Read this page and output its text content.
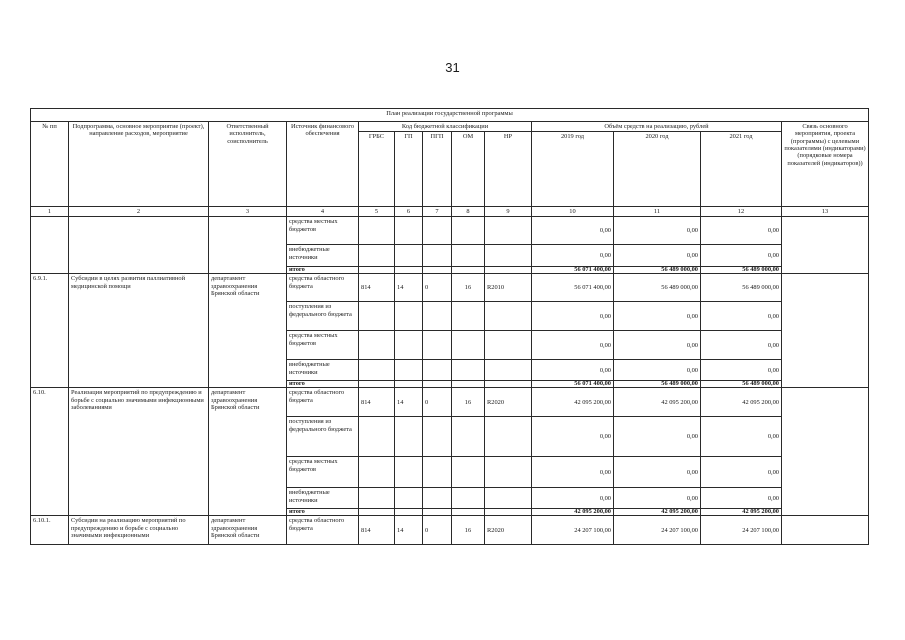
31
План реализации государственной программы												
№ пп	Подпрограмма, основное мероприятие (проект), направление расходов, мероприятие	Ответственный исполнитель, соисполнитель	Источник финансового обеспечения	Код бюджетной классификации					Объём средств на реализацию, рублей			Связь основного мероприятия, проекта (программы) с целевыми показателями (индикаторами) (порядковые номера показателей (индикаторов))
				ГРБС	ГП	ПГП	ОМ	НР	2019 год	2020 год	2021 год	
1	2	3	4	5	6	7	8	9	10	11	12	13
			средства местных бюджетов						0,00	0,00	0,00	
			внебюджетные источники						0,00	0,00	0,00	
			итого						56 071 400,00	56 489 000,00	56 489 000,00	
6.9.1.	Субсидии в целях развития паллиативной медицинской помощи	департамент здравоохранения Брянской области	средства областного бюджета	814	14	0	16	R2010	56 071 400,00	56 489 000,00	56 489 000,00	
			поступления из федерального бюджета						0,00	0,00	0,00	
			средства местных бюджетов						0,00	0,00	0,00	
			внебюджетные источники						0,00	0,00	0,00	
			итого						56 071 400,00	56 489 000,00	56 489 000,00	
6.10.	Реализация мероприятий по предупреждению и борьбе с социально значимыми инфекционными заболеваниями	департамент здравоохранения Брянской области	средства областного бюджета	814	14	0	16	R2020	42 095 200,00	42 095 200,00	42 095 200,00	
			поступления из федерального бюджета						0,00	0,00	0,00	
			средства местных бюджетов						0,00	0,00	0,00	
			внебюджетные источники						0,00	0,00	0,00	
			итого						42 095 200,00	42 095 200,00	42 095 200,00	
6.10.1.	Субсидии на реализацию мероприятий по предупреждению и борьбе с социально значимыми инфекционными	департамент здравоохранения Брянской области	средства областного бюджета	814	14	0	16	R2020	24 207 100,00	24 207 100,00	24 207 100,00	
